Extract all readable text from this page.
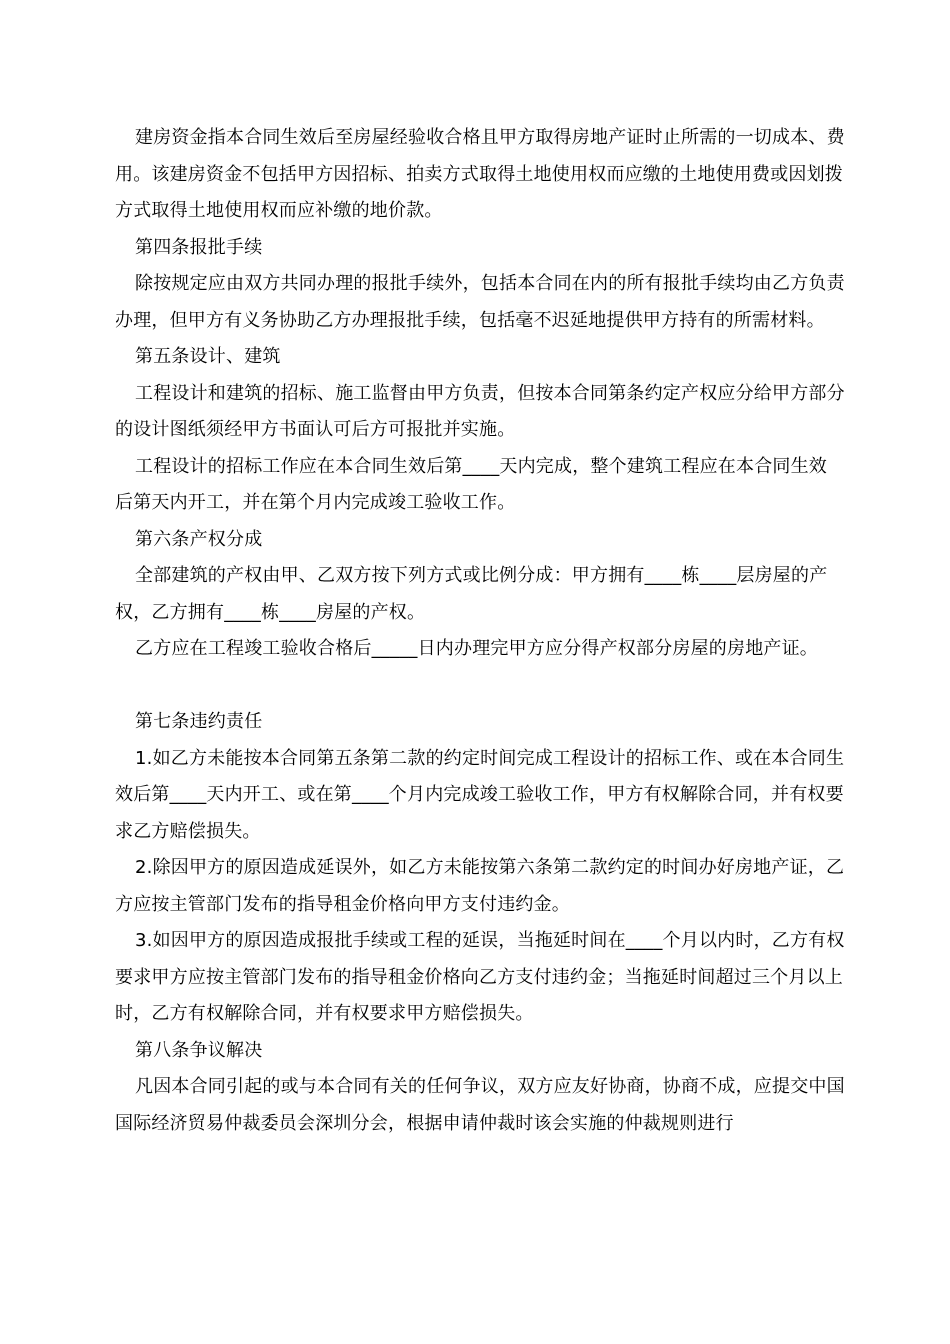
建房资金指本合同生效后至房屋经验收合格且甲方取得房地产证时止所需的一切成本、费用。该建房资金不包括甲方因招标、拍卖方式取得土地使用权而应缴的土地使用费或因划拨方式取得土地使用权而应补缴的地价款。

第四条报批手续

除按规定应由双方共同办理的报批手续外，包括本合同在内的所有报批手续均由乙方负责办理，但甲方有义务协助乙方办理报批手续，包括毫不迟延地提供甲方持有的所需材料。

第五条设计、建筑

工程设计和建筑的招标、施工监督由甲方负责，但按本合同第条约定产权应分给甲方部分的设计图纸须经甲方书面认可后方可报批并实施。

工程设计的招标工作应在本合同生效后第____天内完成，整个建筑工程应在本合同生效后第天内开工，并在第个月内完成竣工验收工作。

第六条产权分成

全部建筑的产权由甲、乙双方按下列方式或比例分成：甲方拥有____栋____层房屋的产权，乙方拥有____栋____房屋的产权。

乙方应在工程竣工验收合格后_____日内办理完甲方应分得产权部分房屋的房地产证。

第七条违约责任

1.如乙方未能按本合同第五条第二款的约定时间完成工程设计的招标工作、或在本合同生效后第____天内开工、或在第____个月内完成竣工验收工作，甲方有权解除合同，并有权要求乙方赔偿损失。

2.除因甲方的原因造成延误外，如乙方未能按第六条第二款约定的时间办好房地产证，乙方应按主管部门发布的指导租金价格向甲方支付违约金。

3.如因甲方的原因造成报批手续或工程的延误，当拖延时间在____个月以内时，乙方有权要求甲方应按主管部门发布的指导租金价格向乙方支付违约金；当拖延时间超过三个月以上时，乙方有权解除合同，并有权要求甲方赔偿损失。

第八条争议解决

凡因本合同引起的或与本合同有关的任何争议，双方应友好协商，协商不成，应提交中国国际经济贸易仲裁委员会深圳分会，根据申请仲裁时该会实施的仲裁规则进行
